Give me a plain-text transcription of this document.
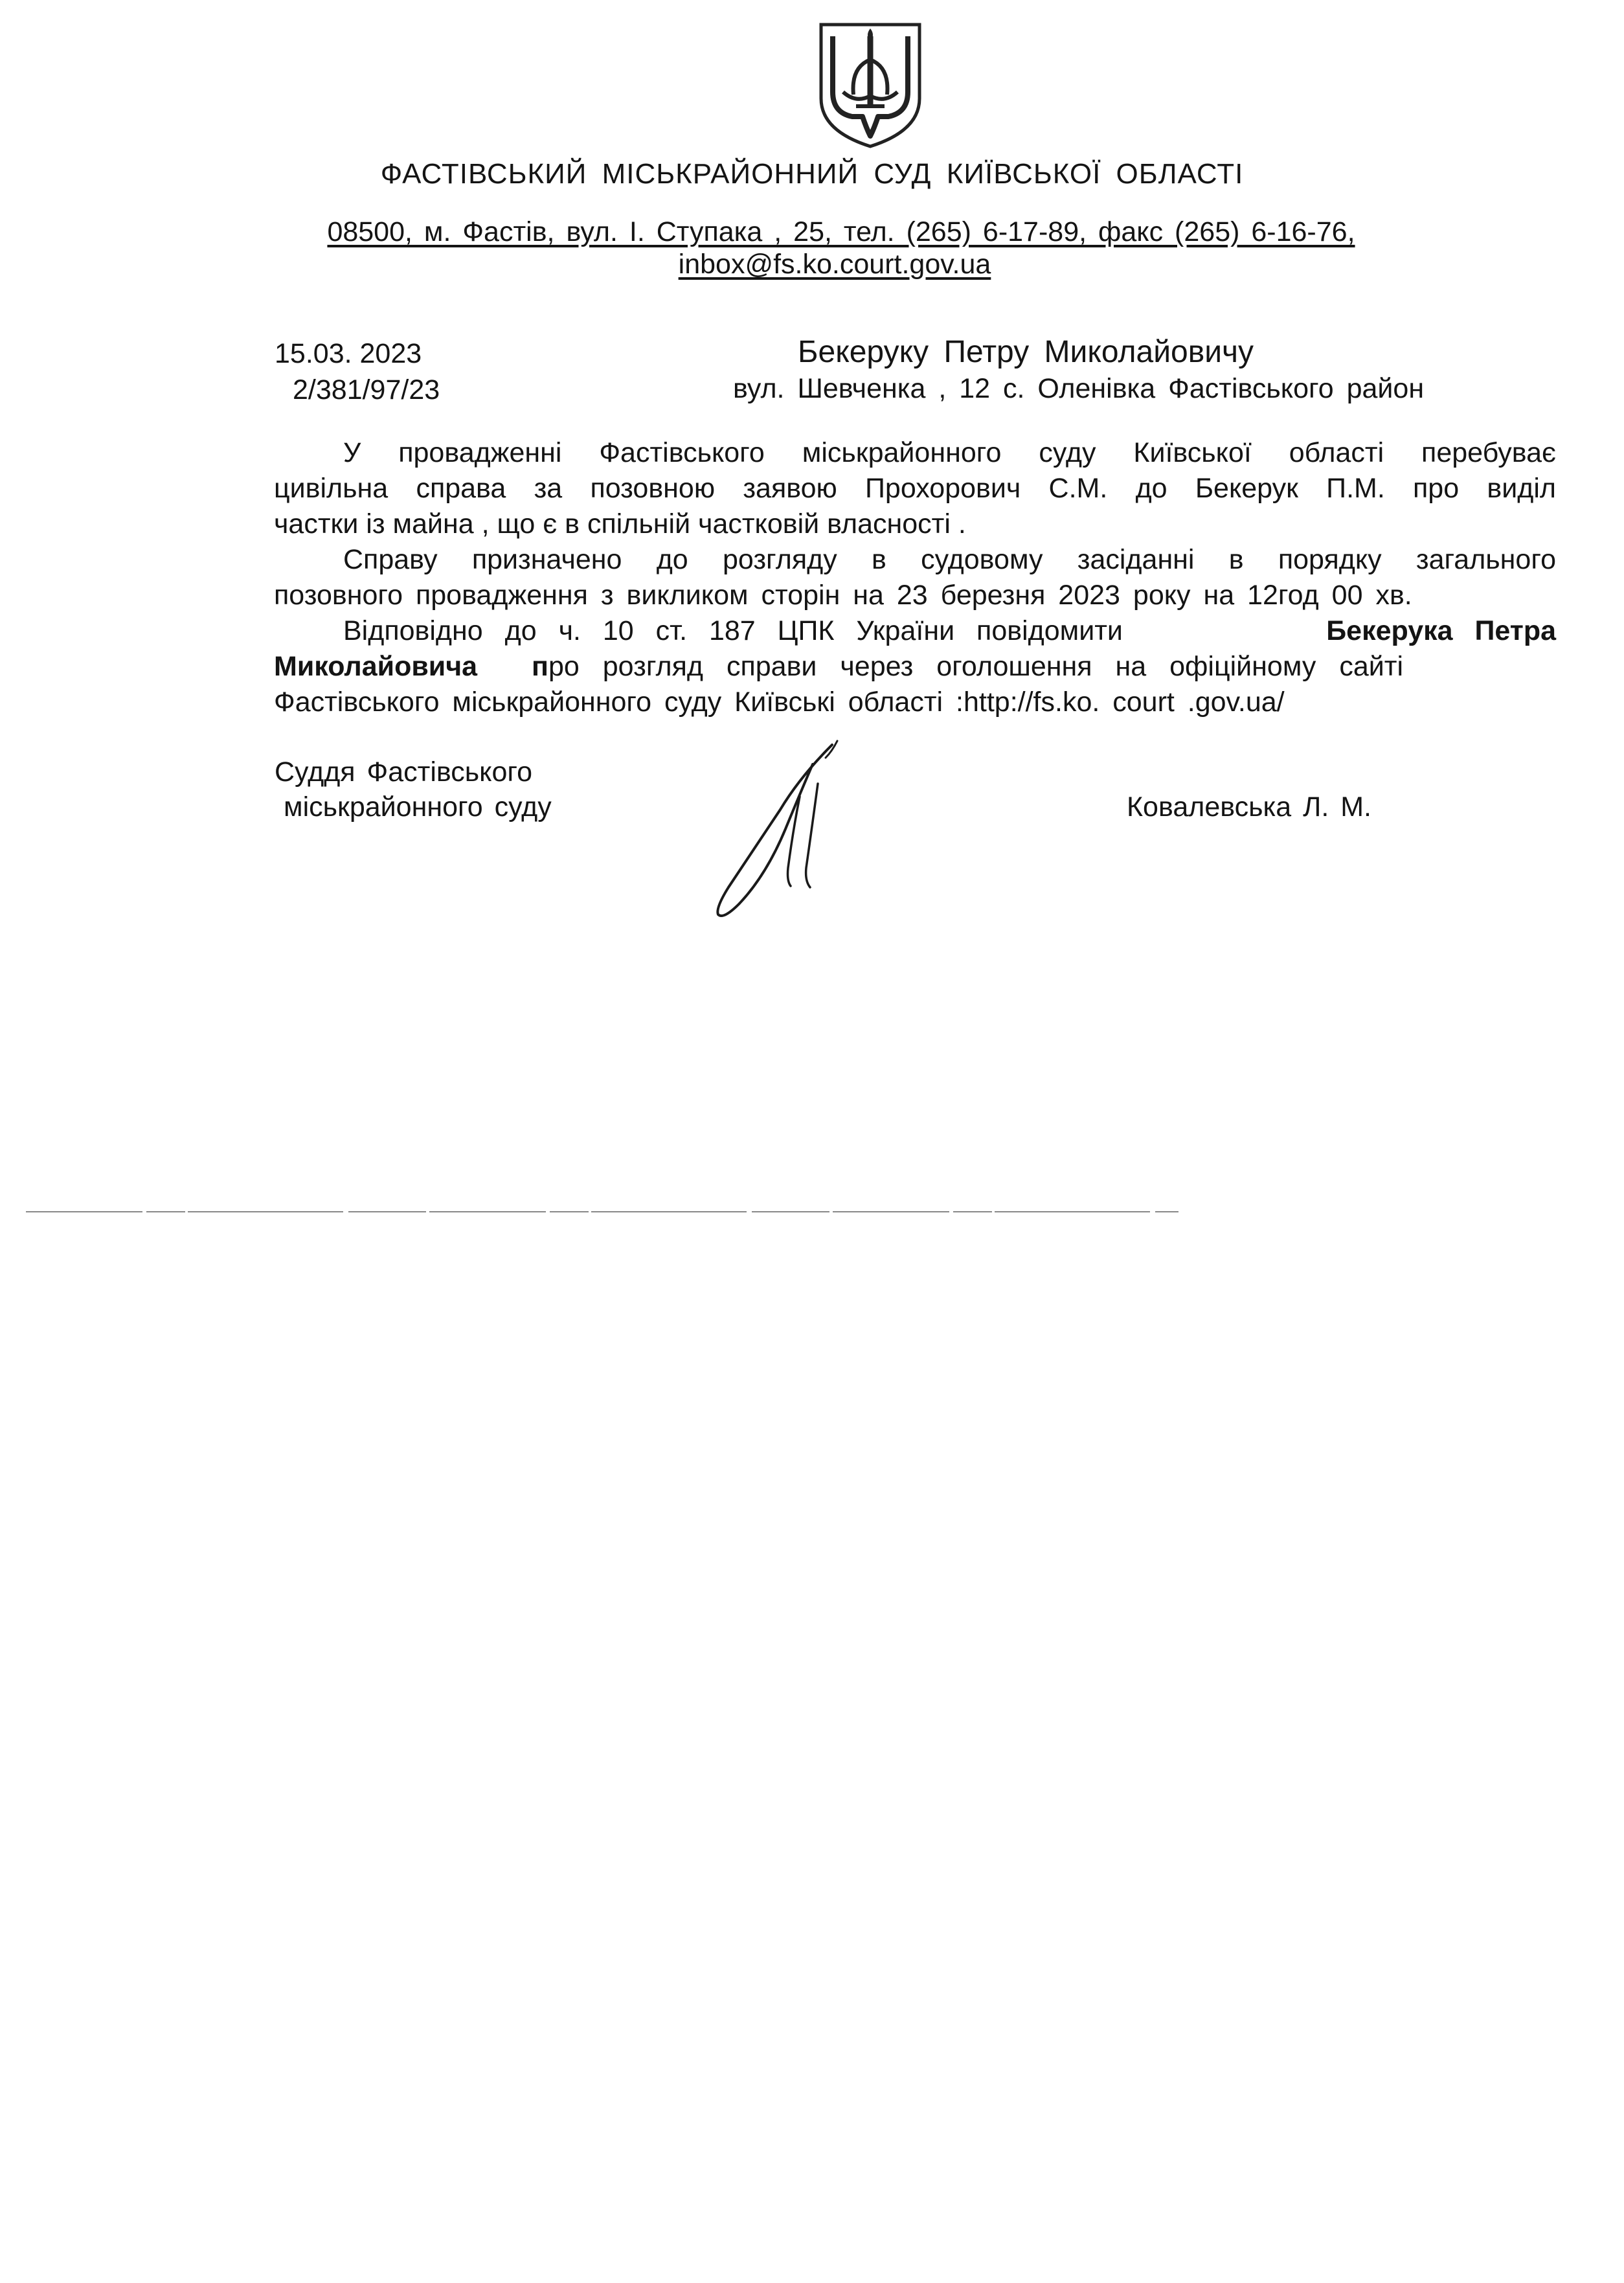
ФАСТІВСЬКИЙ МІСЬКРАЙОННИЙ СУД КИЇВСЬКОЇ ОБЛАСТІ
08500, м. Фастів, вул. І. Ступака , 25, тел. (265) 6-17-89, факс (265) 6-16-76,
inbox@fs.ko.court.gov.ua
15.03. 2023
2/381/97/23
Бекеруку Петру Миколайовичу
вул. Шевченка , 12 с. Оленівка Фастівського район
У провадженні Фастівського міськрайонного суду Київської області перебуває
цивільна справа за позовною заявою Прохорович С.М. до Бекерук П.М. про виділ
частки із майна , що є в спільній частковій власності .
Справу призначено до розгляду в судовому засіданні в порядку загального
позовного провадження з викликом сторін на 23 березня 2023 року на 12год 00 хв.
Відповідно до ч. 10 ст. 187 ЦПК України повідомити	Бекерука Петра
Миколайовича про розгляд справи через оголошення на офіційному сайті
Фастівського міськрайонного суду Київські області :http://fs.ko. court .gov.ua/
Суддя Фастівського
міськрайонного суду	Ковалевська Л. М.
